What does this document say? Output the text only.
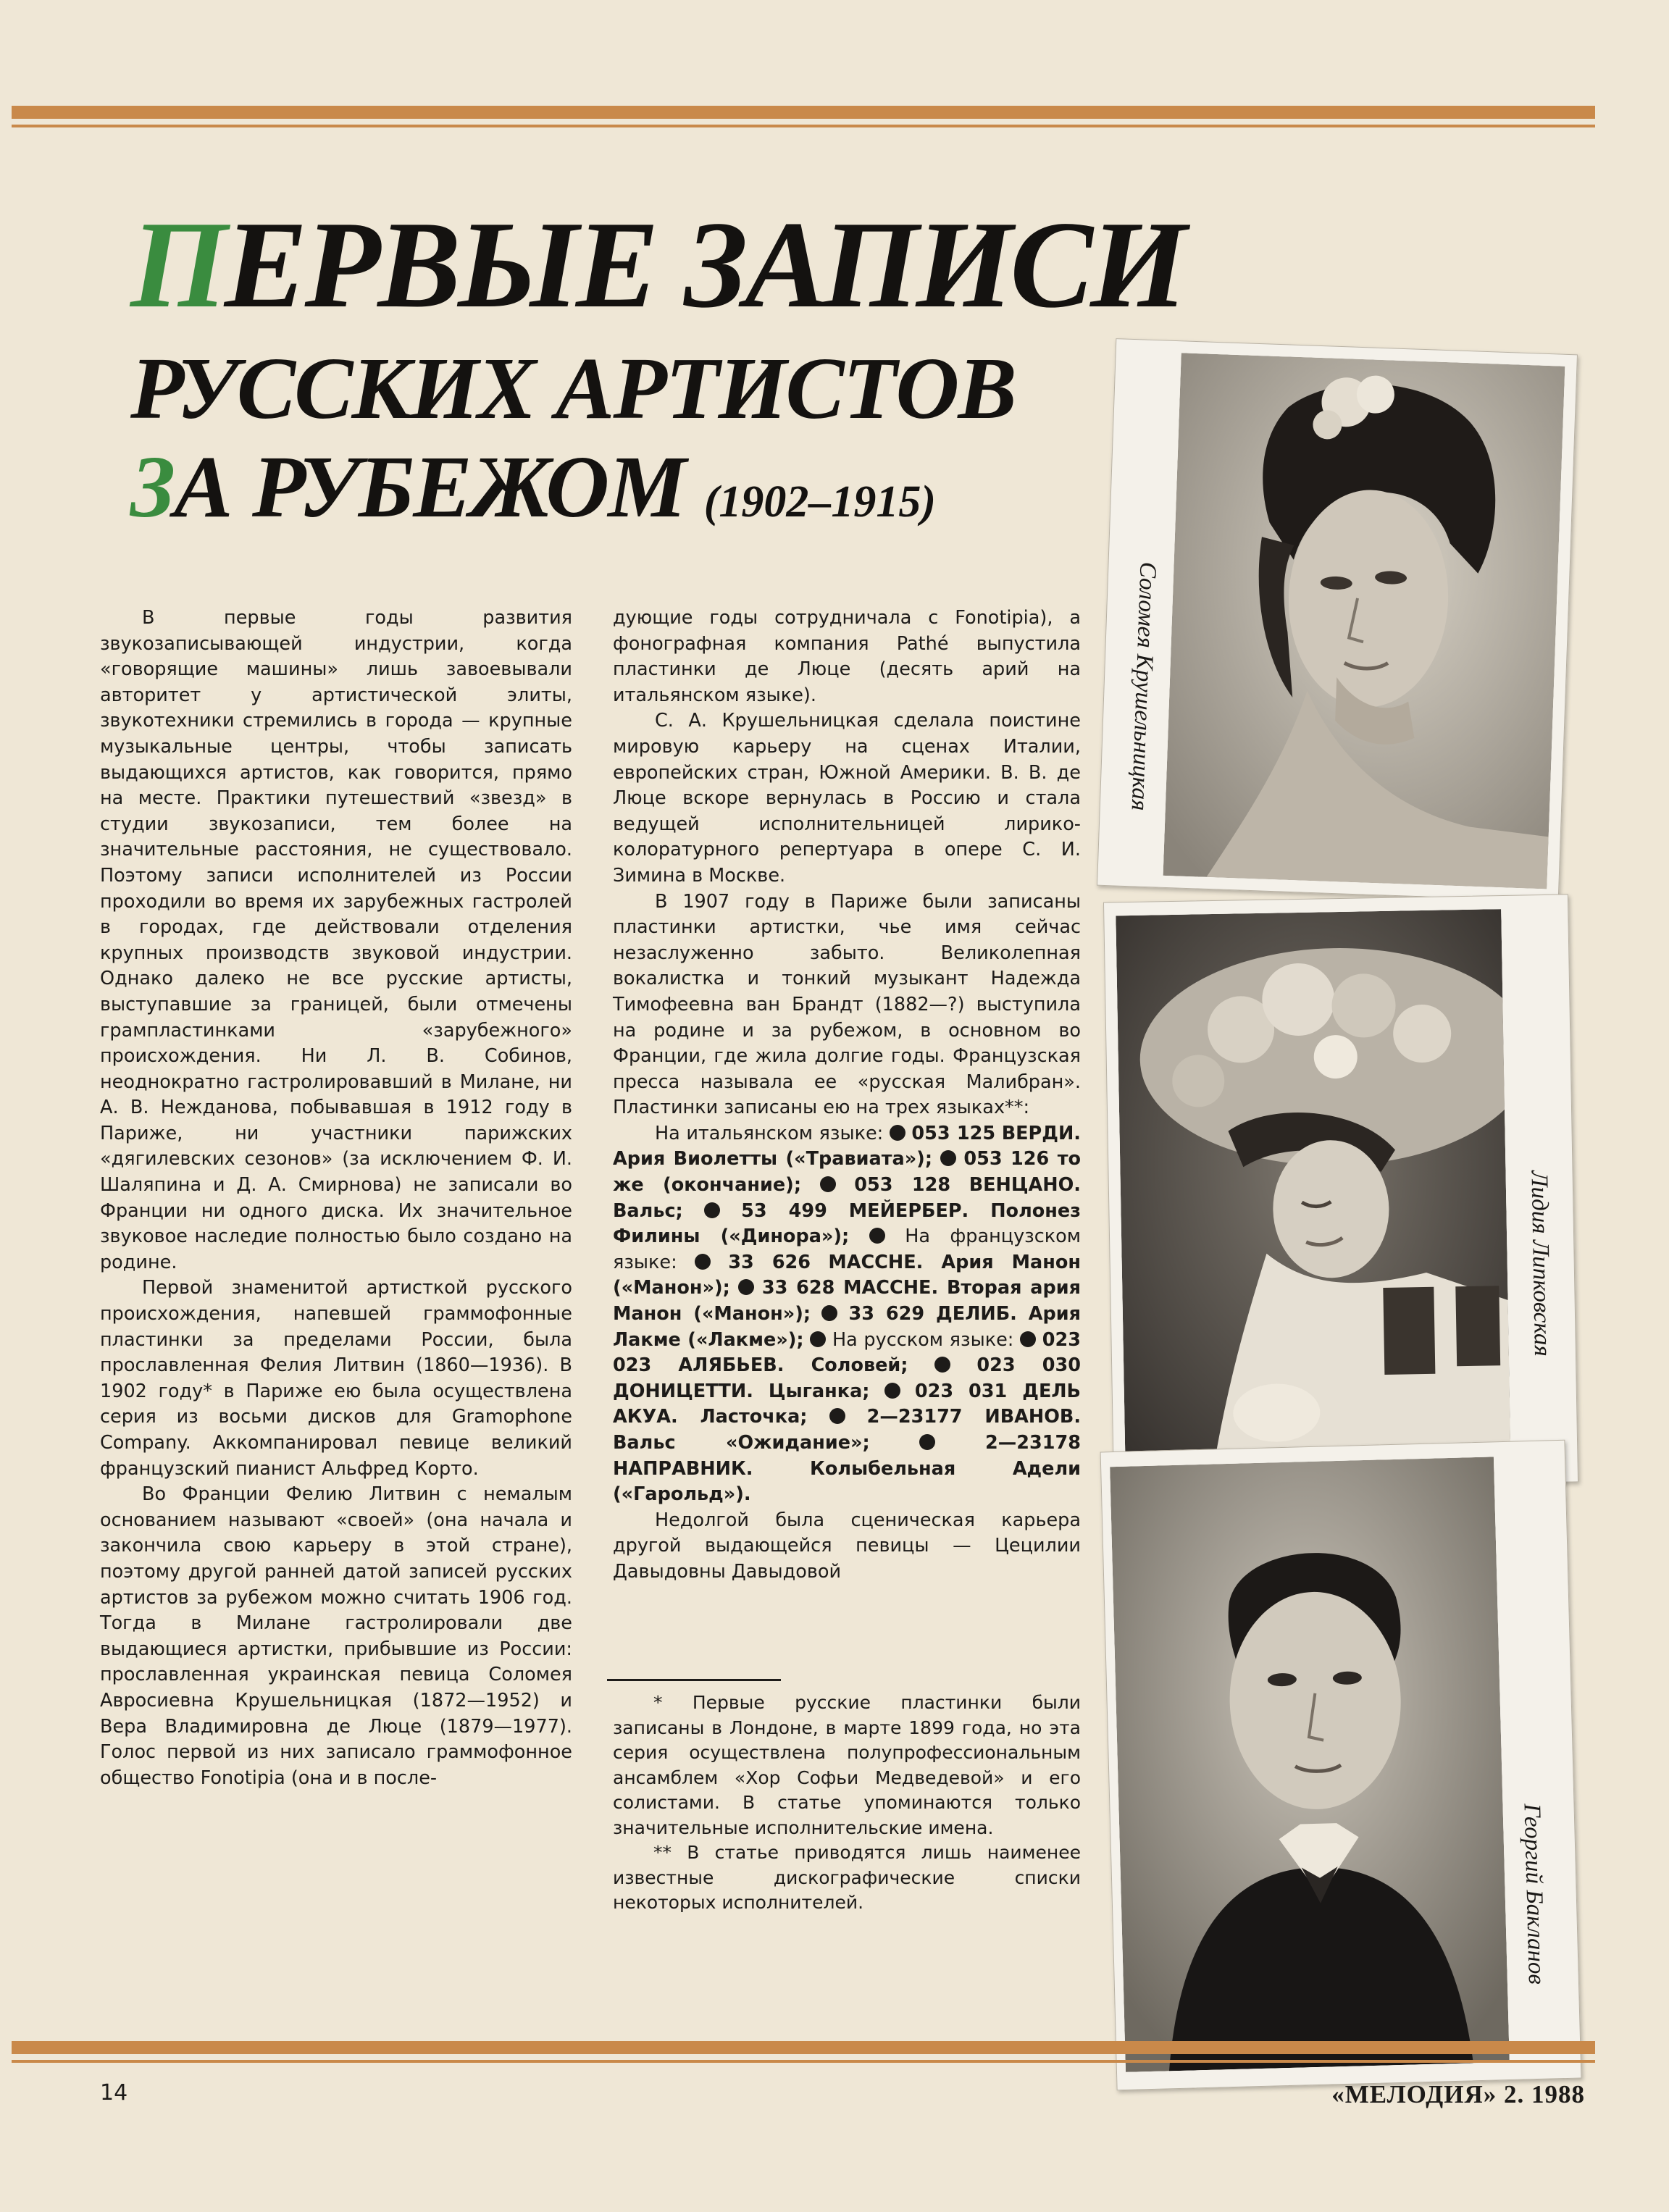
ПЕРВЫЕ ЗАПИСИ
РУССКИХ АРТИСТОВ
ЗА РУБЕЖОМ (1902–1915)

В первые годы развития звукозаписывающей индустрии, когда «говорящие машины» лишь завоевывали авторитет у артистической элиты, звукотехники стремились в города — крупные музыкальные центры, чтобы записать выдающихся артистов, как говорится, прямо на месте. Практики путешествий «звезд» в студии звукозаписи, тем более на значительные расстояния, не существовало. Поэтому записи исполнителей из России проходили во время их зарубежных гастролей в городах, где действовали отделения крупных производств звуковой индустрии. Однако далеко не все русские артисты, выступавшие за границей, были отмечены грампластинками «зарубежного» происхождения. Ни Л. В. Собинов, неоднократно гастролировавший в Милане, ни А. В. Нежданова, побывавшая в 1912 году в Париже, ни участники парижских «дягилевских сезонов» (за исключением Ф. И. Шаляпина и Д. А. Смирнова) не записали во Франции ни одного диска. Их значительное звуковое наследие полностью было создано на родине.

Первой знаменитой артисткой русского происхождения, напевшей граммофонные пластинки за пределами России, была прославленная Фелия Литвин (1860—1936). В 1902 году* в Париже ею была осуществлена серия из восьми дисков для Gramophone Company. Аккомпанировал певице великий французский пианист Альфред Корто.

Во Франции Фелию Литвин с немалым основанием называют «своей» (она начала и закончила свою карьеру в этой стране), поэтому другой ранней датой записей русских артистов за рубежом можно считать 1906 год. Тогда в Милане гастролировали две выдающиеся артистки, прибывшие из России: прославленная украинская певица Соломея Авросиевна Крушельницкая (1872—1952) и Вера Владимировна де Люце (1879—1977). Голос первой из них записало граммофонное общество Fonotipia (она и в после-

дующие годы сотрудничала с Fonotipia), а фонографная компания Pathé выпустила пластинки де Люце (десять арий на итальянском языке).

С. А. Крушельницкая сделала поистине мировую карьеру на сценах Италии, европейских стран, Южной Америки. В. В. де Люце вскоре вернулась в Россию и стала ведущей исполнительницей лирико-колоратурного репертуара в опере С. И. Зимина в Москве.

В 1907 году в Париже были записаны пластинки артистки, чье имя сейчас незаслуженно забыто. Великолепная вокалистка и тонкий музыкант Надежда Тимофеевна ван Брандт (1882—?) выступила на родине и за рубежом, в основном во Франции, где жила долгие годы. Французская пресса называла ее «русская Малибран». Пластинки записаны ею на трех языках**:

На итальянском языке: 053 125 ВЕРДИ. Ария Виолетты («Травиата»); 053 126 то же (окончание);	053 128 ВЕНЦАНО. Вальс;	53 499 МЕЙЕРБЕР. Полонез Филины («Динора»);	На французском языке:	33 626 МАССНЕ. Ария Манон («Манон»); 33 628 МАССНЕ. Вторая ария Манон («Манон»); 33 629 ДЕЛИБ. Ария Лакме («Лакме»); На русском языке: 023 023 АЛЯБЬЕВ. Соловей;	023 030 ДОНИЦЕТТИ. Цыганка; 023 031 ДЕЛЬ АКУА. Ласточка;	2—23177 ИВАНОВ. Вальс «Ожидание»;	2—23178 НАПРАВНИК. Колыбельная Адели («Гарольд»).

Недолгой была сценическая карьера другой выдающейся певицы — Цецилии Давыдовны Давыдовой

* Первые русские пластинки были записаны в Лондоне, в марте 1899 года, но эта серия осуществлена полупрофессиональным ансамблем «Хор Софьи Медведевой» и его солистами. В статье упоминаются только значительные исполнительские имена.

** В статье приводятся лишь наименее известные дискографические списки некоторых исполнителей.

Соломея Крушельницкая
Лидия Липковская
Георгий Бакланов
14	«МЕЛОДИЯ» 2. 1988
